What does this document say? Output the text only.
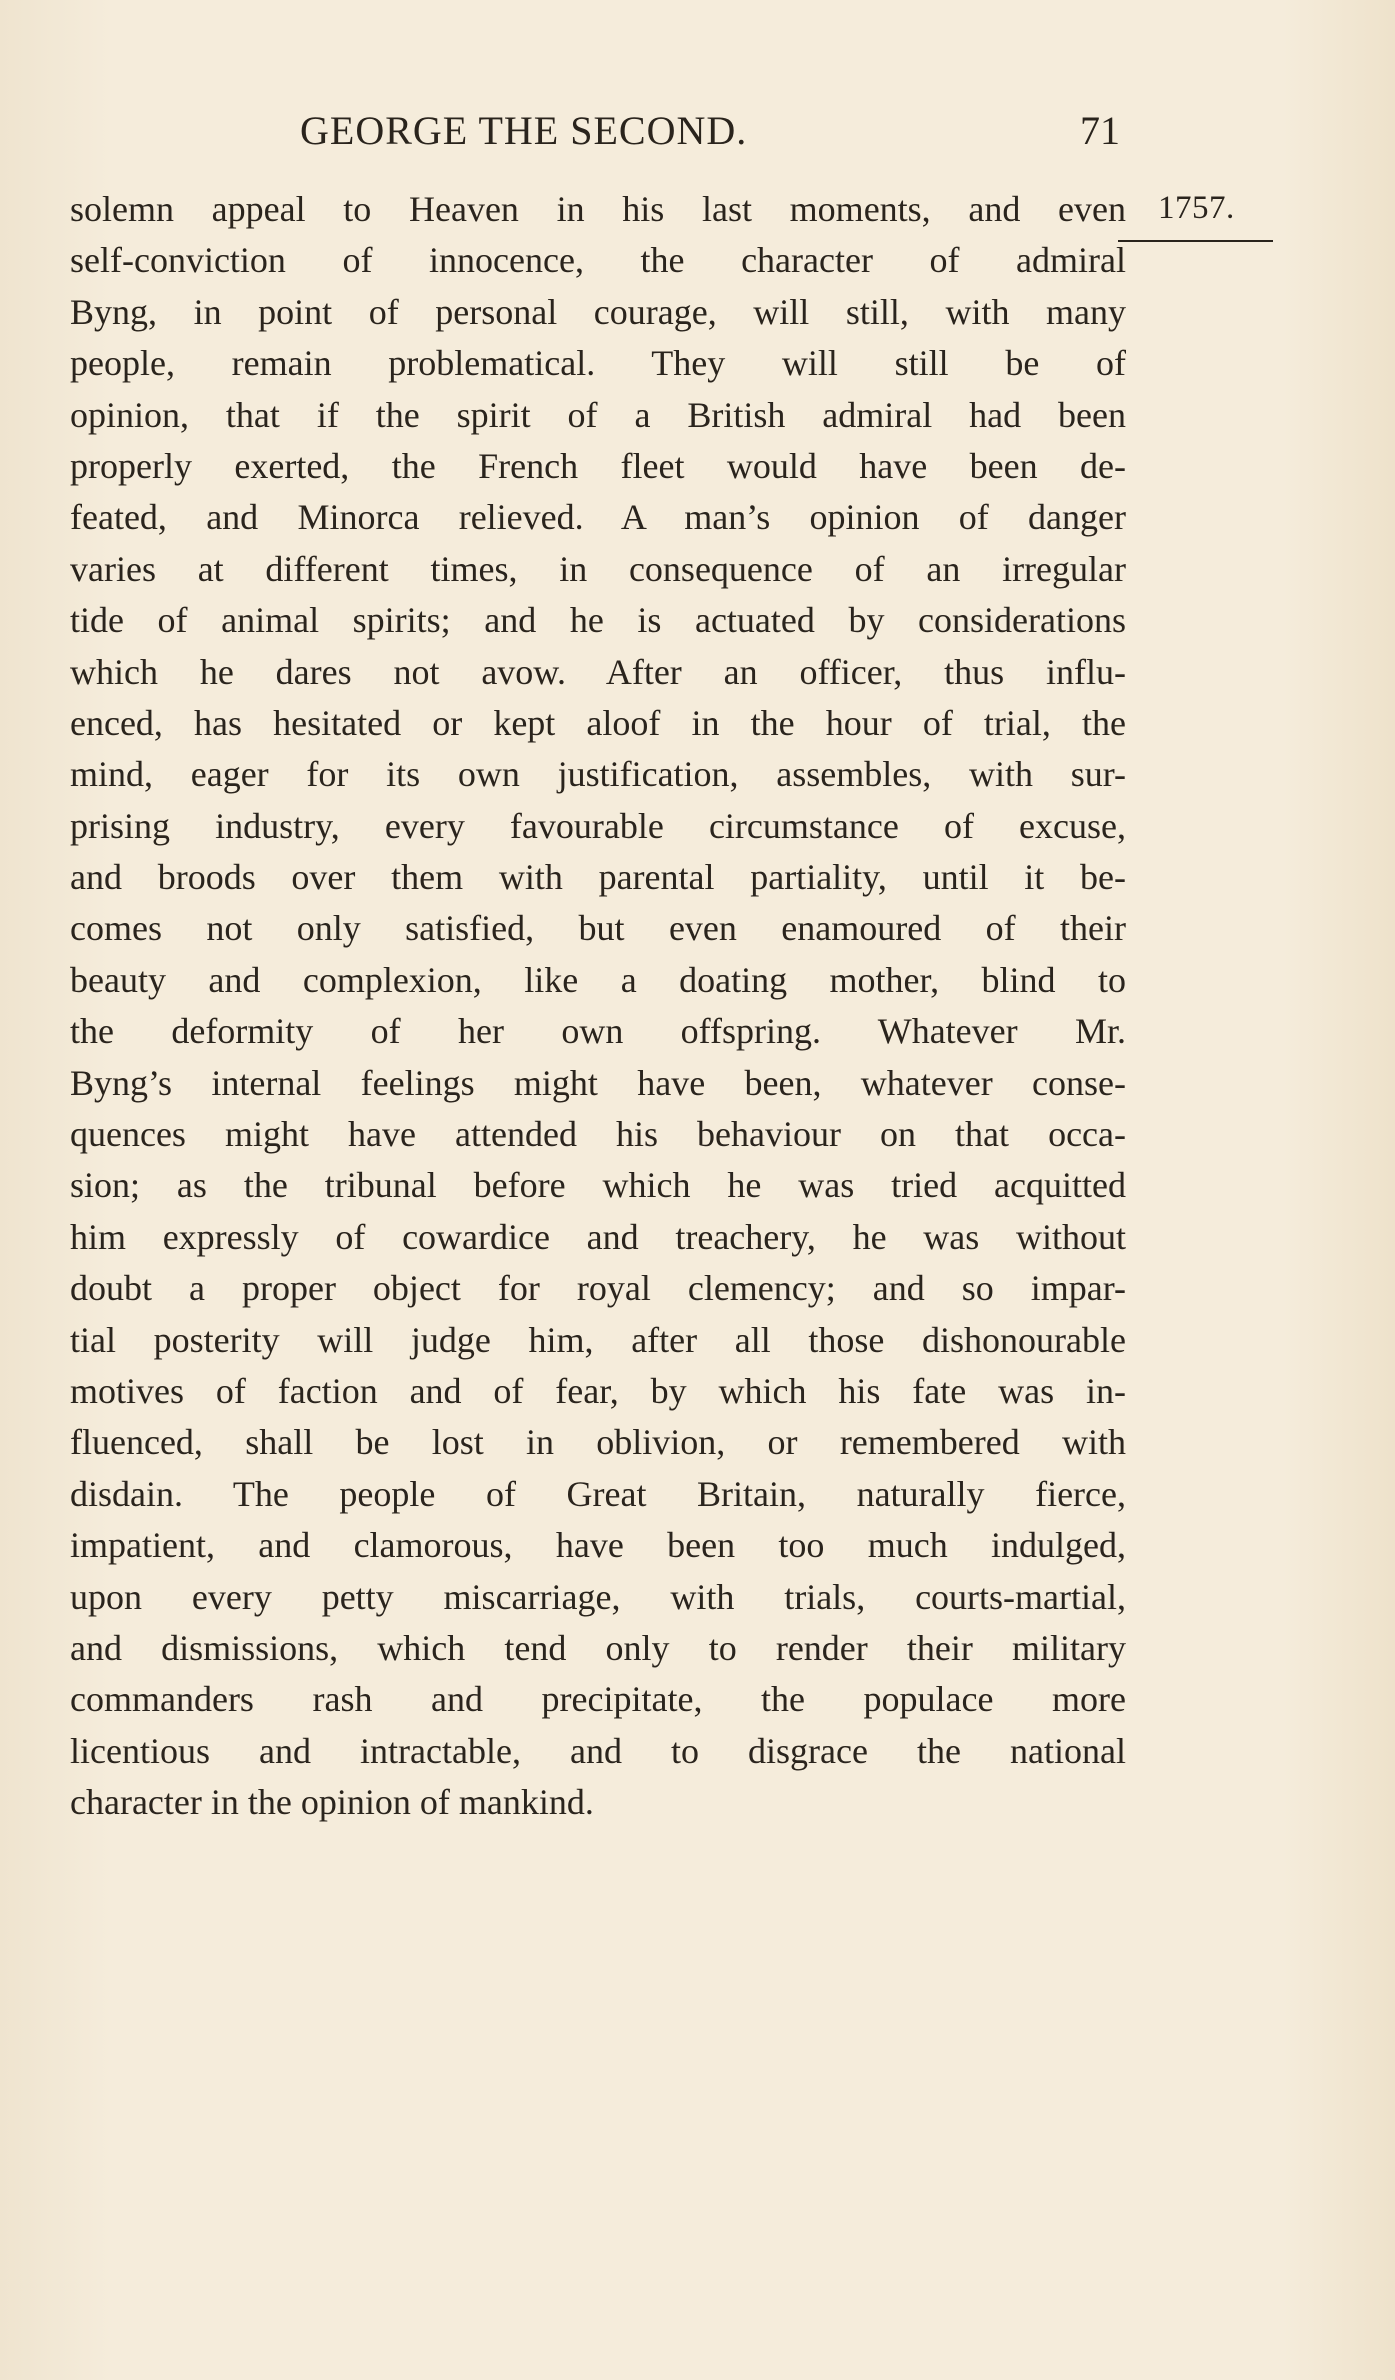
GEORGE THE SECOND.	71
1757.
solemn appeal to Heaven in his last moments, and even
self-conviction of innocence, the character of admiral
Byng, in point of personal courage, will still, with many
people, remain problematical. They will still be of
opinion, that if the spirit of a British admiral had been
properly exerted, the French fleet would have been de-
feated, and Minorca relieved. A man’s opinion of danger
varies at different times, in consequence of an irregular
tide of animal spirits; and he is actuated by considerations
which he dares not avow. After an officer, thus influ-
enced, has hesitated or kept aloof in the hour of trial, the
mind, eager for its own justification, assembles, with sur-
prising industry, every favourable circumstance of excuse,
and broods over them with parental partiality, until it be-
comes not only satisfied, but even enamoured of their
beauty and complexion, like a doating mother, blind to
the deformity of her own offspring. Whatever Mr.
Byng’s internal feelings might have been, whatever conse-
quences might have attended his behaviour on that occa-
sion; as the tribunal before which he was tried acquitted
him expressly of cowardice and treachery, he was without
doubt a proper object for royal clemency; and so impar-
tial posterity will judge him, after all those dishonourable
motives of faction and of fear, by which his fate was in-
fluenced, shall be lost in oblivion, or remembered with
disdain. The people of Great Britain, naturally fierce,
impatient, and clamorous, have been too much indulged,
upon every petty miscarriage, with trials, courts-martial,
and dismissions, which tend only to render their military
commanders rash and precipitate, the populace more
licentious and intractable, and to disgrace the national
character in the opinion of mankind.
